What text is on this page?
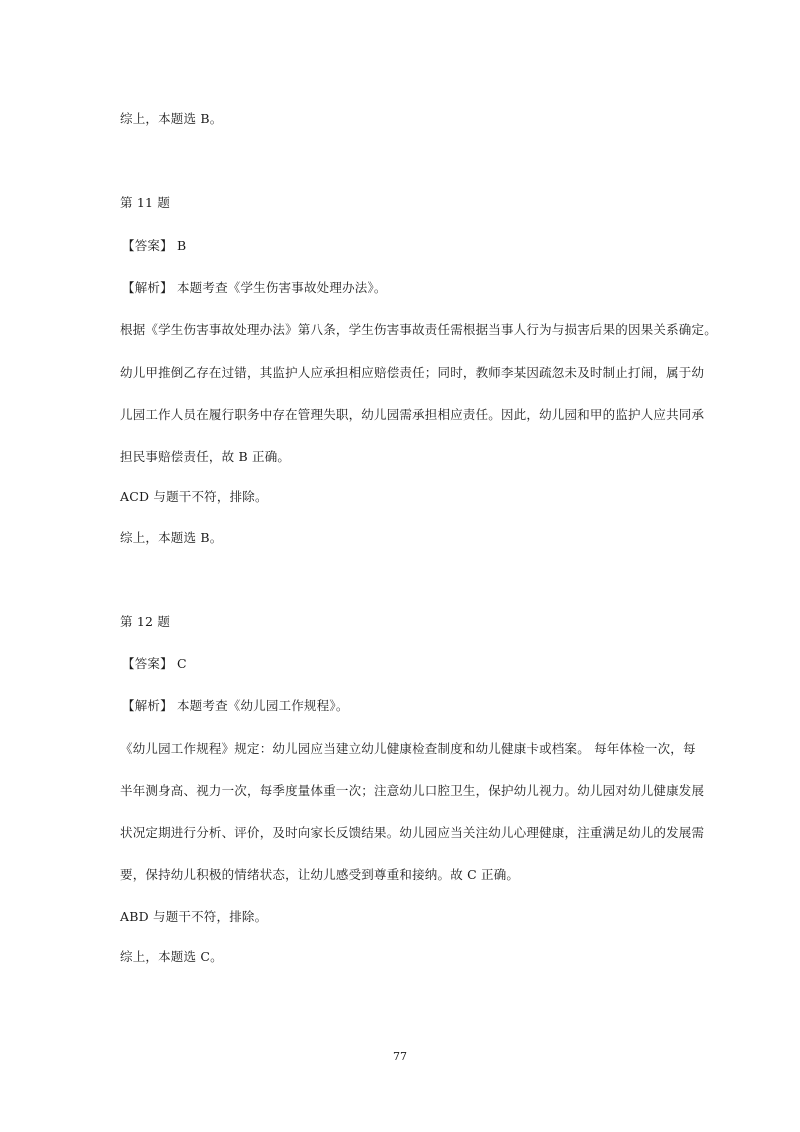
综上，本题选 B。
第 11 题
【答案】 B
【解析】 本题考查《学生伤害事故处理办法》。
根据《学生伤害事故处理办法》第八条，学生伤害事故责任需根据当事人行为与损害后果的因果关系确定。
幼儿甲推倒乙存在过错，其监护人应承担相应赔偿责任；同时，教师李某因疏忽未及时制止打闹，属于幼
儿园工作人员在履行职务中存在管理失职，幼儿园需承担相应责任。因此，幼儿园和甲的监护人应共同承
担民事赔偿责任，故 B 正确。
ACD 与题干不符，排除。
综上，本题选 B。
第 12 题
【答案】 C
【解析】 本题考查《幼儿园工作规程》。
《幼儿园工作规程》规定：幼儿园应当建立幼儿健康检查制度和幼儿健康卡或档案。 每年体检一次，每
半年测身高、视力一次，每季度量体重一次；注意幼儿口腔卫生，保护幼儿视力。幼儿园对幼儿健康发展
状况定期进行分析、评价，及时向家长反馈结果。幼儿园应当关注幼儿心理健康，注重满足幼儿的发展需
要，保持幼儿积极的情绪状态，让幼儿感受到尊重和接纳。故 C 正确。
ABD 与题干不符，排除。
综上，本题选 C。
77
